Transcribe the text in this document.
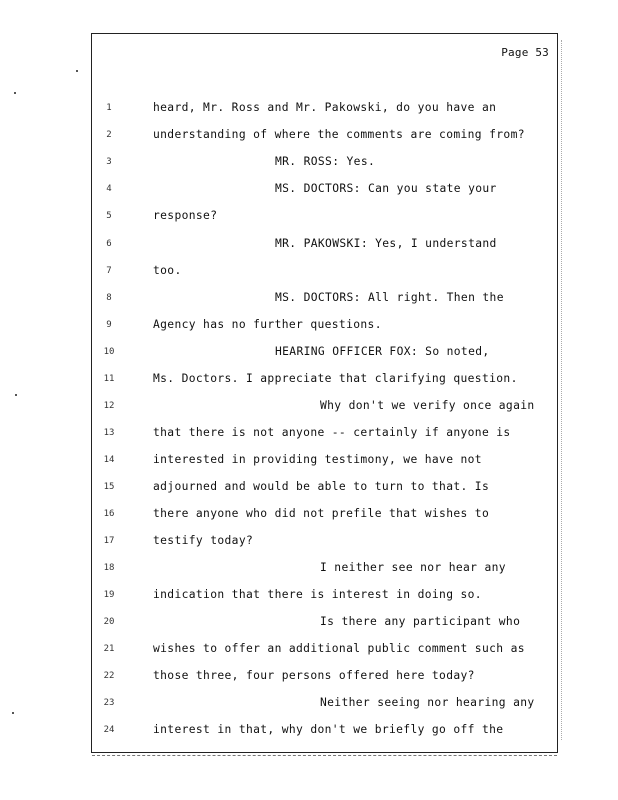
Page 53
1	heard, Mr. Ross and Mr. Pakowski, do you have an
2	understanding of where the comments are coming from?
3	MR. ROSS: Yes.
4	MS. DOCTORS: Can you state your
5	response?
6	MR. PAKOWSKI: Yes, I understand
7	too.
8	MS. DOCTORS: All right. Then the
9	Agency has no further questions.
10	HEARING OFFICER FOX: So noted,
11	Ms. Doctors. I appreciate that clarifying question.
12	Why don't we verify once again
13	that there is not anyone -- certainly if anyone is
14	interested in providing testimony, we have not
15	adjourned and would be able to turn to that. Is
16	there anyone who did not prefile that wishes to
17	testify today?
18	I neither see nor hear any
19	indication that there is interest in doing so.
20	Is there any participant who
21	wishes to offer an additional public comment such as
22	those three, four persons offered here today?
23	Neither seeing nor hearing any
24	interest in that, why don't we briefly go off the
